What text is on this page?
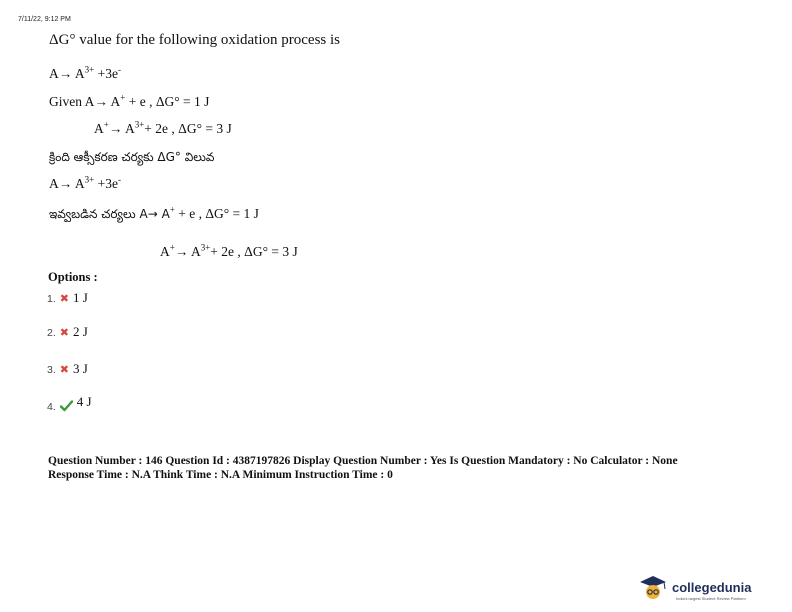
7/11/22, 9:12 PM
ΔG° value for the following oxidation process is
$A\to A^{3+} +3e^-$
Given A→ A+ + e , ΔG° = 1 J
$A^+\to A^{3+}+ 2e$ , ΔG° = 3 J
క్రింది ఆక్సీకరణ చర్యకు ΔG° విలువ
$A\to A^{3+} +3e^-$
ఇవ్వబడిన చర్యలు A→ A+ + e , ΔG° = 1 J
$A^+\to A^{3+}+ 2e$ , ΔG° = 3 J
Options :
1. ✖ 1 J
2. ✖ 2 J
3. ✖ 3 J
4. $^{4 J}$
Question Number : 146 Question Id : 4387197826 Display Question Number : Yes Is Question Mandatory : No Calculator : None
Response Time : N.A Think Time : N.A Minimum Instruction Time : 0
collegedunia
India's largest Student Review Platform
